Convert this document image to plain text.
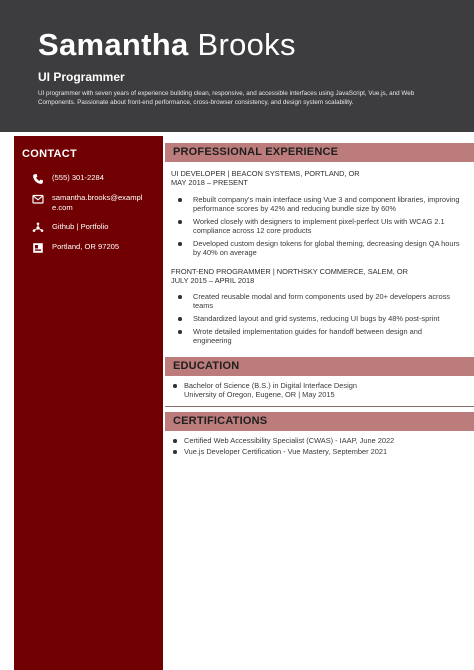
Samantha Brooks
UI Programmer
UI programmer with seven years of experience building clean, responsive, and accessible interfaces using JavaScript, Vue.js, and Web Components. Passionate about front-end performance, cross-browser consistency, and design system scalability.
CONTACT
(555) 301-2284
samantha.brooks@example.com
Github | Portfolio
Portland, OR 97205
PROFESSIONAL EXPERIENCE
UI DEVELOPER | BEACON SYSTEMS, PORTLAND, OR
MAY 2018 – PRESENT
Rebuilt company's main interface using Vue 3 and component libraries, improving performance scores by 42% and reducing bundle size by 60%
Worked closely with designers to implement pixel-perfect UIs with WCAG 2.1 compliance across 12 core products
Developed custom design tokens for global theming, decreasing design QA hours by 40% on average
FRONT-END PROGRAMMER | NORTHSKY COMMERCE, SALEM, OR
JULY 2015 – APRIL 2018
Created reusable modal and form components used by 20+ developers across teams
Standardized layout and grid systems, reducing UI bugs by 48% post-sprint
Wrote detailed implementation guides for handoff between design and engineering
EDUCATION
Bachelor of Science (B.S.) in Digital Interface Design
University of Oregon, Eugene, OR | May 2015
CERTIFICATIONS
Certified Web Accessibility Specialist (CWAS) - IAAP, June 2022
Vue.js Developer Certification - Vue Mastery, September 2021
